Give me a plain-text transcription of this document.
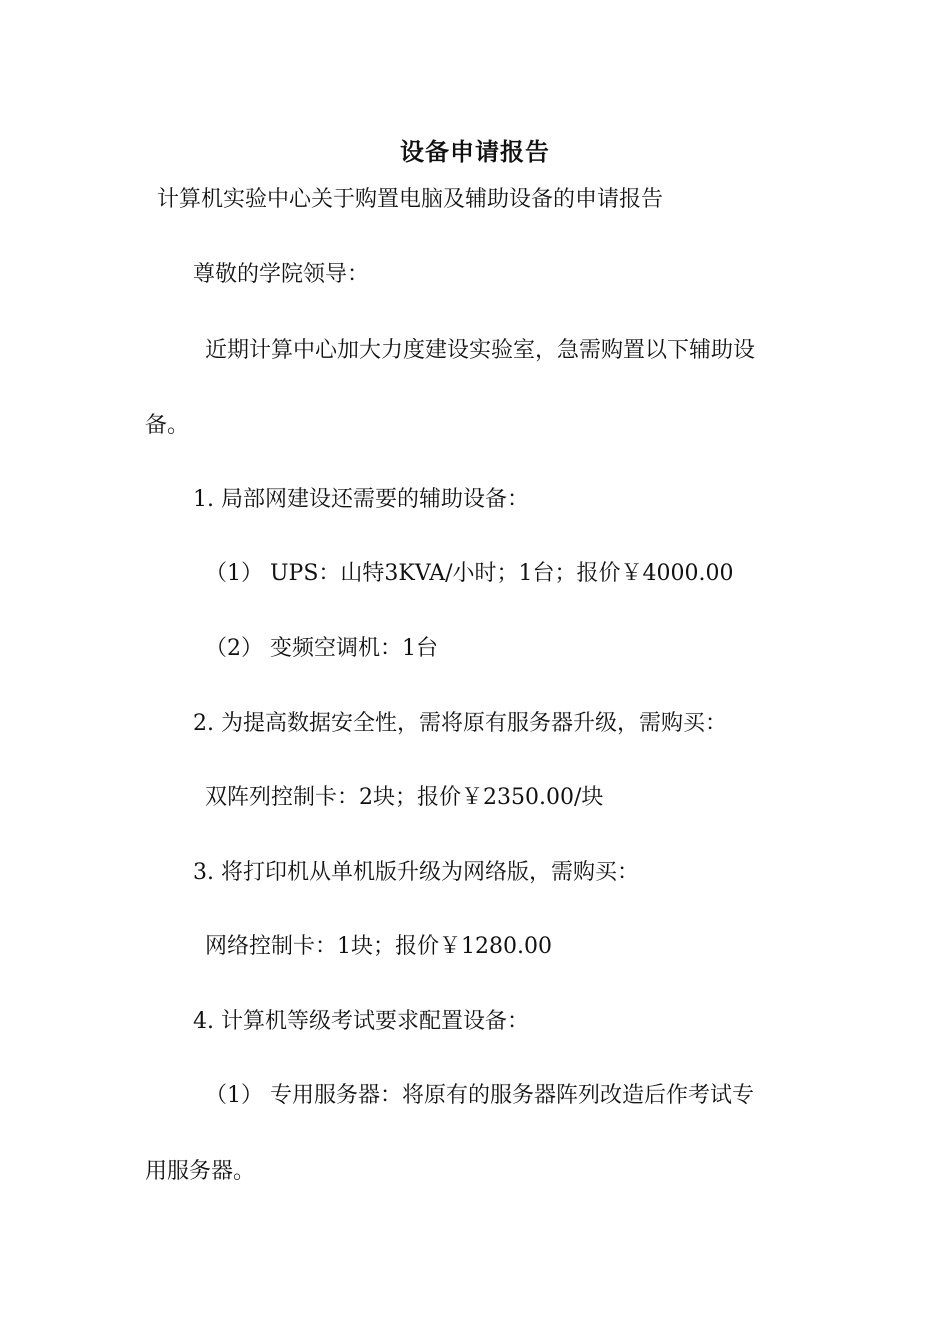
设备申请报告
计算机实验中心关于购置电脑及辅助设备的申请报告
尊敬的学院领导：
近期计算中心加大力度建设实验室，急需购置以下辅助设
备。
1. 局部网建设还需要的辅助设备：
（1） UPS：山特3KVA/小时；1台；报价￥4000.00
（2） 变频空调机：1台
2. 为提高数据安全性，需将原有服务器升级，需购买：
双阵列控制卡：2块；报价￥2350.00/块
3. 将打印机从单机版升级为网络版，需购买：
网络控制卡：1块；报价￥1280.00
4. 计算机等级考试要求配置设备：
（1） 专用服务器：将原有的服务器阵列改造后作考试专
用服务器。
